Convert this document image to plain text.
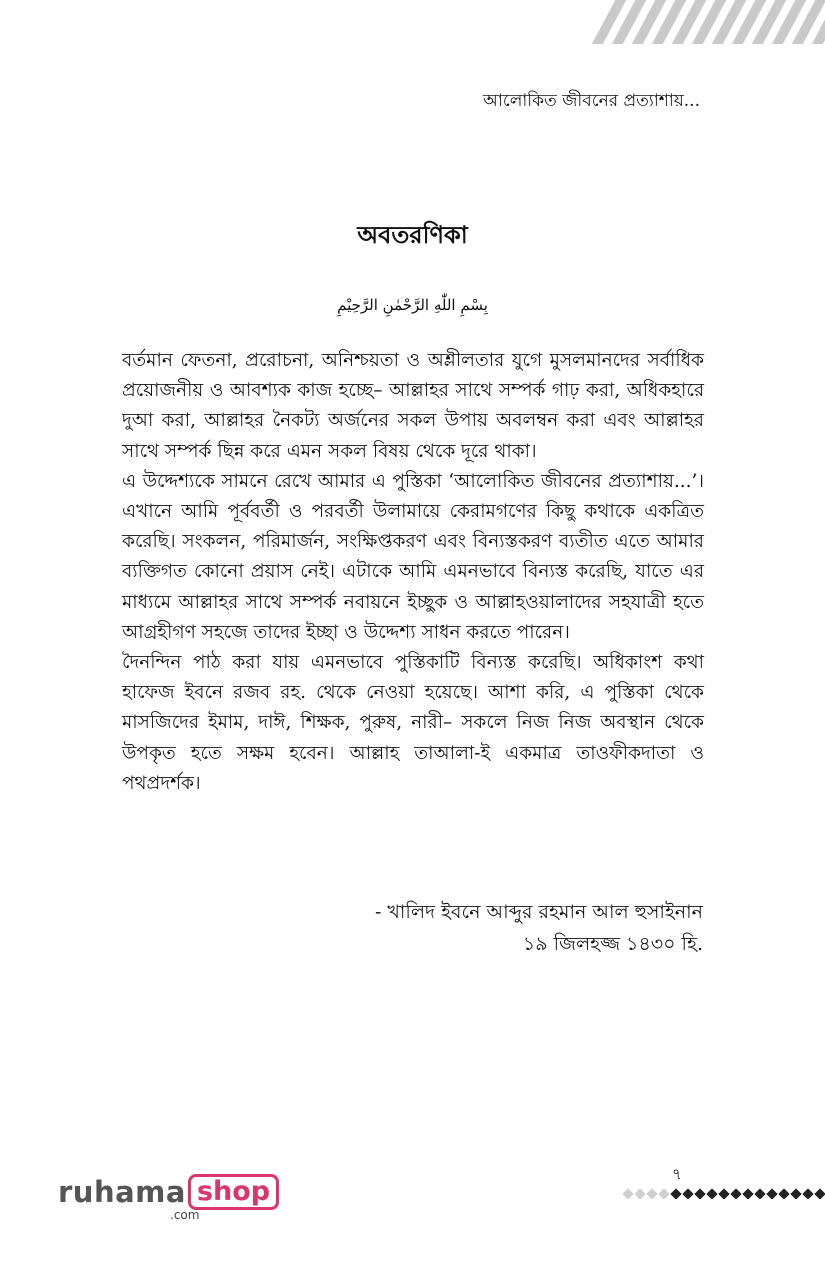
আলোকিত জীবনের প্রত্যাশায়...
অবতরণিকা
بِسْمِ اللّٰهِ الرَّحْمٰنِ الرَّحِيْمِ

বর্তমান ফেতনা, প্ররোচনা, অনিশ্চয়তা ও অশ্লীলতার যুগে মুসলমানদের সর্বাধিক প্রয়োজনীয় ও আবশ্যক কাজ হচ্ছে– আল্লাহর সাথে সম্পর্ক গাঢ় করা, অধিকহারে দুআ করা, আল্লাহর নৈকট্য অর্জনের সকল উপায় অবলম্বন করা এবং আল্লাহর সাথে সম্পর্ক ছিন্ন করে এমন সকল বিষয় থেকে দূরে থাকা।

এ উদ্দেশ্যকে সামনে রেখে আমার এ পুস্তিকা ‘আলোকিত জীবনের প্রত্যাশায়...’। এখানে আমি পূর্ববর্তী ও পরবর্তী উলামায়ে কেরামগণের কিছু কথাকে একত্রিত করেছি। সংকলন, পরিমার্জন, সংক্ষিপ্তকরণ এবং বিন্যস্তকরণ ব্যতীত এতে আমার ব্যক্তিগত কোনো প্রয়াস নেই। এটাকে আমি এমনভাবে বিন্যস্ত করেছি, যাতে এর মাধ্যমে আল্লাহর সাথে সম্পর্ক নবায়নে ইচ্ছুক ও আল্লাহওয়ালাদের সহযাত্রী হতে আগ্রহীগণ সহজে তাদের ইচ্ছা ও উদ্দেশ্য সাধন করতে পারেন।

দৈনন্দিন পাঠ করা যায় এমনভাবে পুস্তিকাটি বিন্যস্ত করেছি। অধিকাংশ কথা হাফেজ ইবনে রজব রহ. থেকে নেওয়া হয়েছে। আশা করি, এ পুস্তিকা থেকে মাসজিদের ইমাম, দাঈ, শিক্ষক, পুরুষ, নারী– সকলে নিজ নিজ অবস্থান থেকে উপকৃত হতে সক্ষম হবেন। আল্লাহ তাআলা-ই একমাত্র তাওফীকদাতা ও পথপ্রদর্শক।

- খালিদ ইবনে আব্দুর রহমান আল হুসাইনান
১৯ জিলহজ্জ ১৪৩০ হি.
ruhama shop
.com
৭
